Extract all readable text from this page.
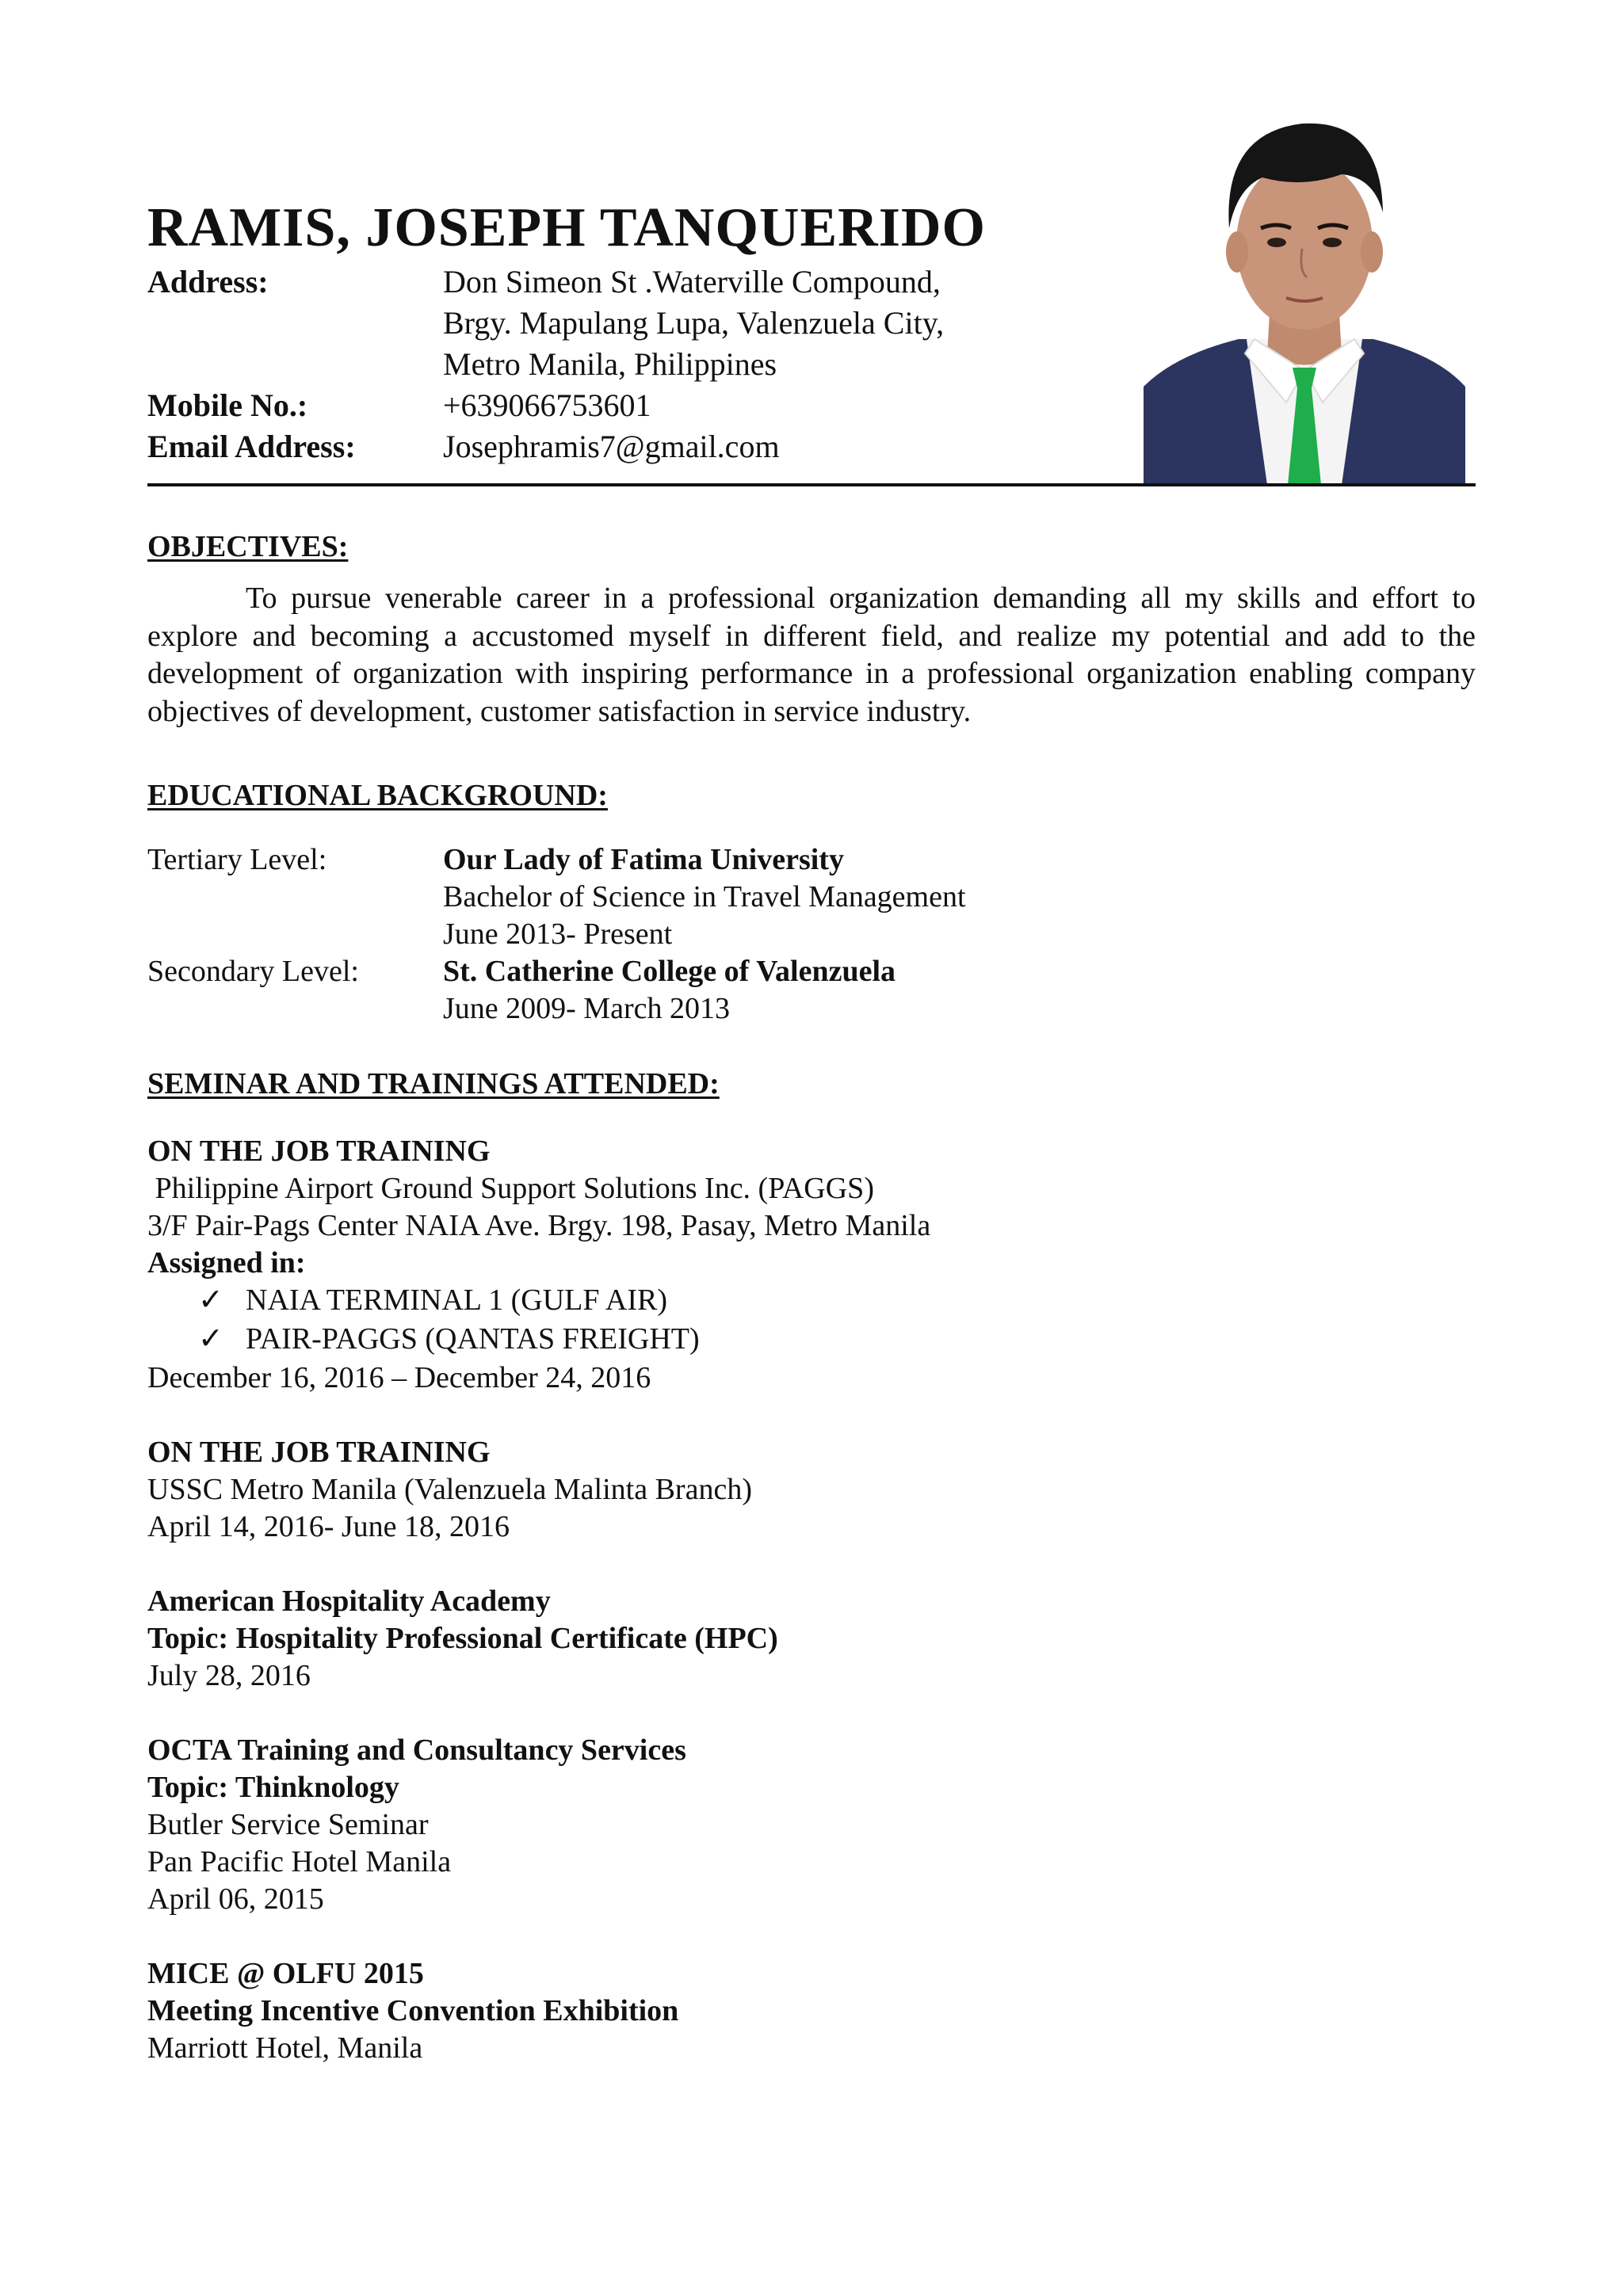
RAMIS, JOSEPH TANQUERIDO
Address:	Don Simeon St .Waterville Compound,
Brgy. Mapulang Lupa, Valenzuela City,
Metro Manila, Philippines
Mobile No.:	+639066753601
Email Address:	Josephramis7@gmail.com
OBJECTIVES:
To pursue venerable career in a professional organization demanding all my skills and effort to explore and becoming a accustomed myself in different field, and realize my potential and add to the development of organization with inspiring performance in a professional organization enabling company objectives of development, customer satisfaction in service industry.
EDUCATIONAL BACKGROUND:
Tertiary Level:	Our Lady of Fatima University
Bachelor of Science in Travel Management
June 2013- Present
Secondary Level:	St. Catherine College of Valenzuela
June 2009- March 2013
SEMINAR AND TRAININGS ATTENDED:
ON THE JOB TRAINING
Philippine Airport Ground Support Solutions Inc. (PAGGS)
3/F Pair-Pags Center NAIA Ave. Brgy. 198, Pasay, Metro Manila
Assigned in:
✓ NAIA TERMINAL 1 (GULF AIR)
✓ PAIR-PAGGS (QANTAS FREIGHT)
December 16, 2016 – December 24, 2016
ON THE JOB TRAINING
USSC Metro Manila (Valenzuela Malinta Branch)
April 14, 2016- June 18, 2016
American Hospitality Academy
Topic: Hospitality Professional Certificate (HPC)
July 28, 2016
OCTA Training and Consultancy Services
Topic: Thinknology
Butler Service Seminar
Pan Pacific Hotel Manila
April 06, 2015
MICE @ OLFU 2015
Meeting Incentive Convention Exhibition
Marriott Hotel, Manila
